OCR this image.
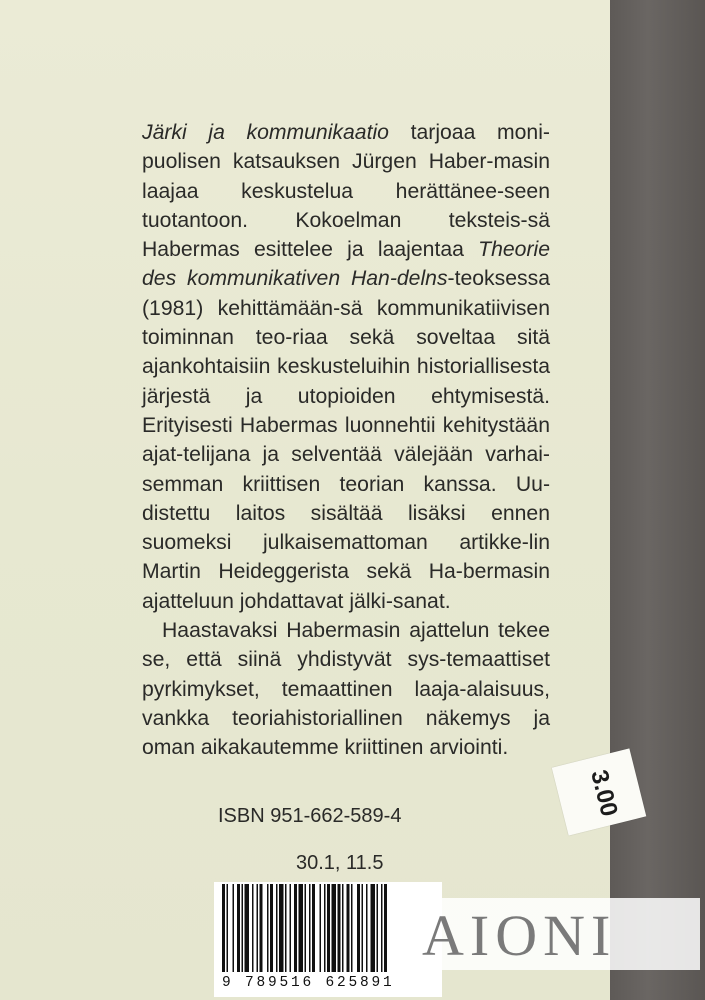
Järki ja kommunikaatio tarjoaa moni-puolisen katsauksen Jürgen Haber-masin laajaa keskustelua herättänee-seen tuotantoon. Kokoelman teksteis-sä Habermas esittelee ja laajentaa Theorie des kommunikativen Han-delns-teoksessa (1981) kehittämään-sä kommunikatiivisen toiminnan teo-riaa sekä soveltaa sitä ajankohtaisiin keskusteluihin historiallisesta järjestä ja utopioiden ehtymisestä. Erityisesti Habermas luonnehtii kehitystään ajat-telijana ja selventää välejään varhai-semman kriittisen teorian kanssa. Uu-distettu laitos sisältää lisäksi ennen suomeksi julkaisemattoman artikke-lin Martin Heideggerista sekä Ha-bermasin ajatteluun johdattavat jälki-sanat.

Haastavaksi Habermasin ajattelun tekee se, että siinä yhdistyvät sys-temaattiset pyrkimykset, temaattinen laaja-alaisuus, vankka teoriahistoriallinen näkemys ja oman aikakautemme kriittinen arviointi.

ISBN 951-662-589-4
30.1, 11.5
9 789516 625891
3.00
AIONI
